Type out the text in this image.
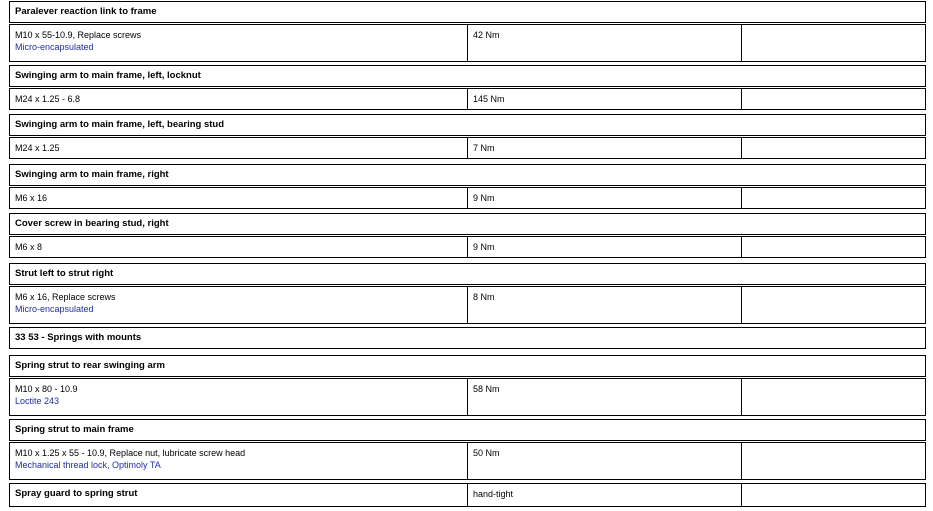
Paralever reaction link to frame
M10 x 55-10.9, Replace screws
Micro-encapsulated
42 Nm
Swinging arm to main frame, left, locknut
M24 x 1.25 - 6.8	145 Nm
Swinging arm to main frame, left, bearing stud
M24 x 1.25	7 Nm
Swinging arm to main frame, right
M6 x 16	9 Nm
Cover screw in bearing stud, right
M6 x 8	9 Nm
Strut left to strut right
M6 x 16, Replace screws
Micro-encapsulated
8 Nm
33 53 - Springs with mounts
Spring strut to rear swinging arm
M10 x 80 - 10.9
Loctite 243
58 Nm
Spring strut to main frame
M10 x 1.25 x 55 - 10.9, Replace nut, lubricate screw head
Mechanical thread lock, Optimoly TA
50 Nm
Spray guard to spring strut	hand-tight
